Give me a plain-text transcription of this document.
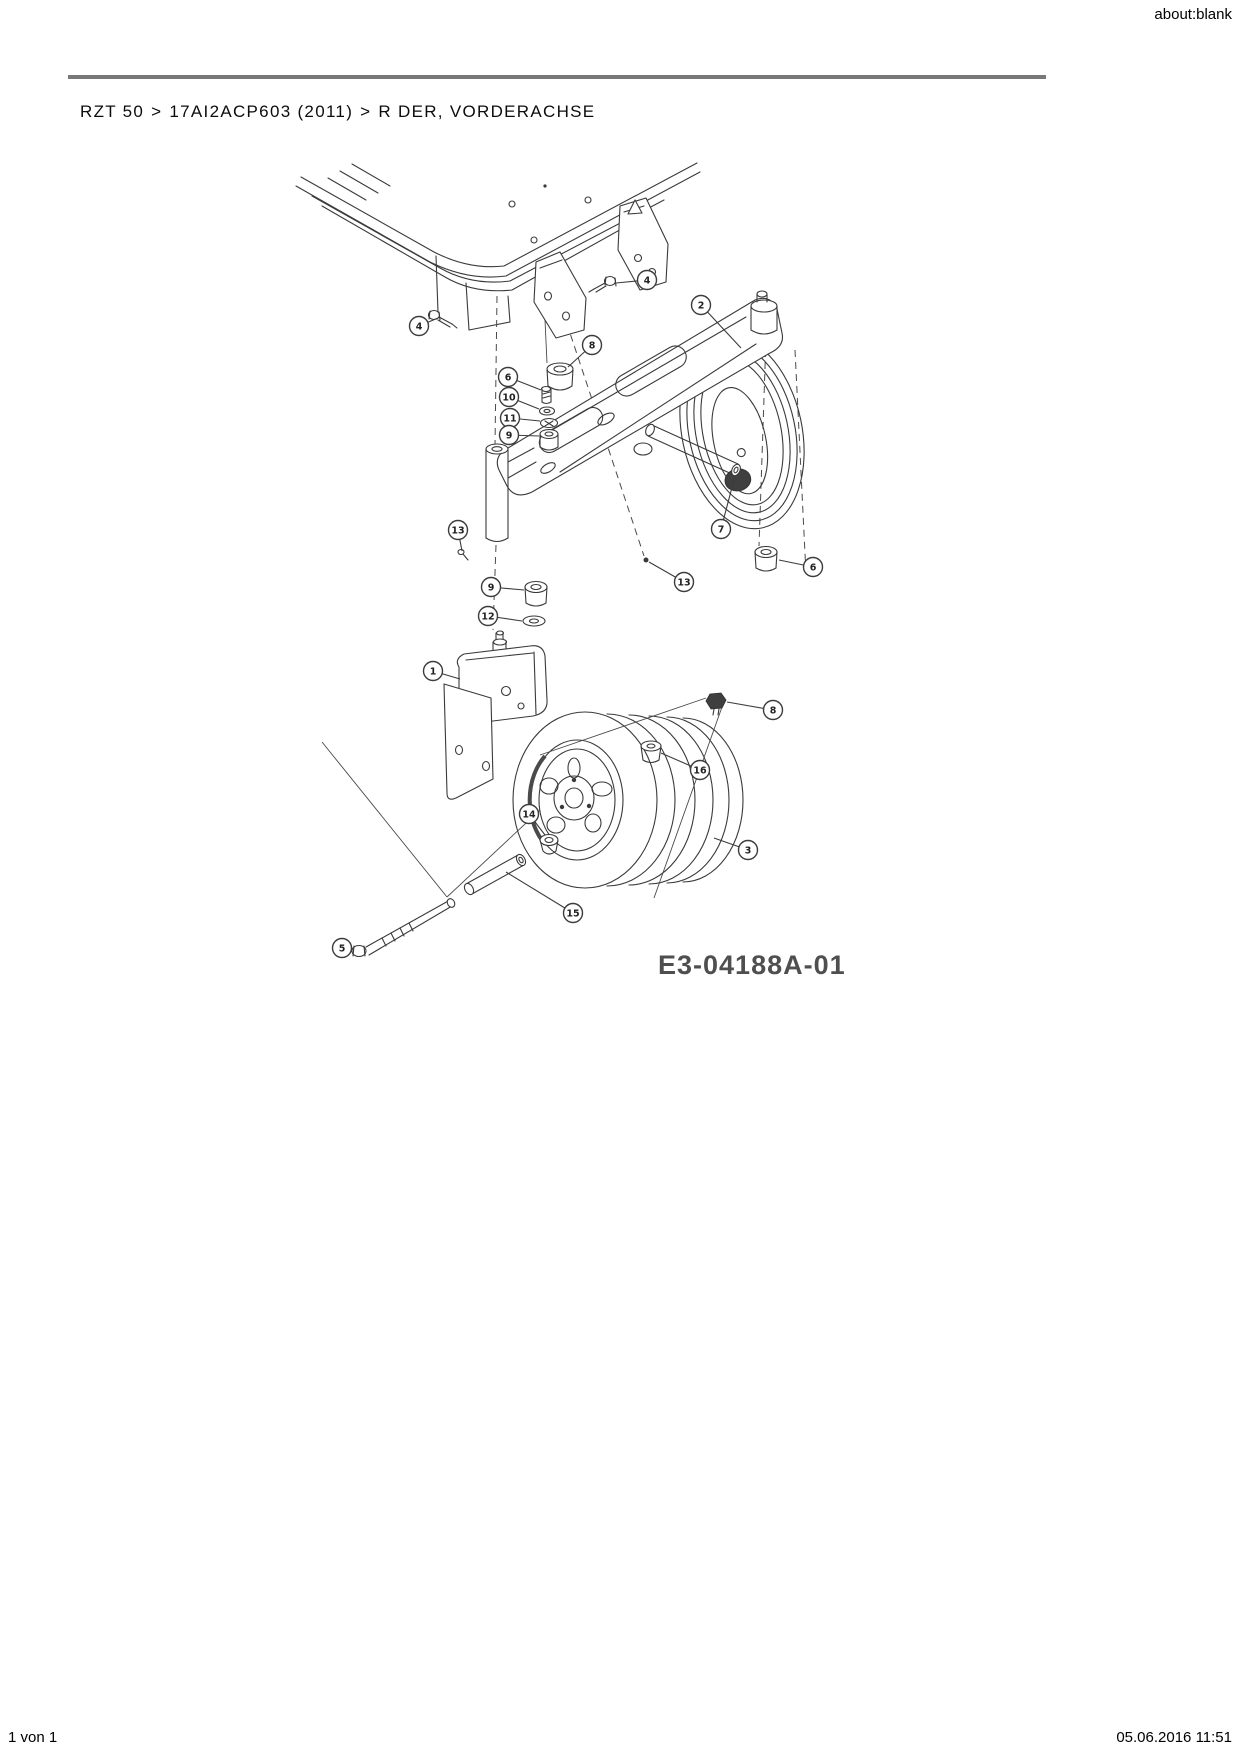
about:blank
RZT 50 > 17AI2ACP603 (2011) > R DER, VORDERACHSE
4
4
2
8
6
10
11
9
13
9
12
13
7
6
1
8
16
3
14
15
5
E3-04188A-01
1 von 1	05.06.2016 11:51
